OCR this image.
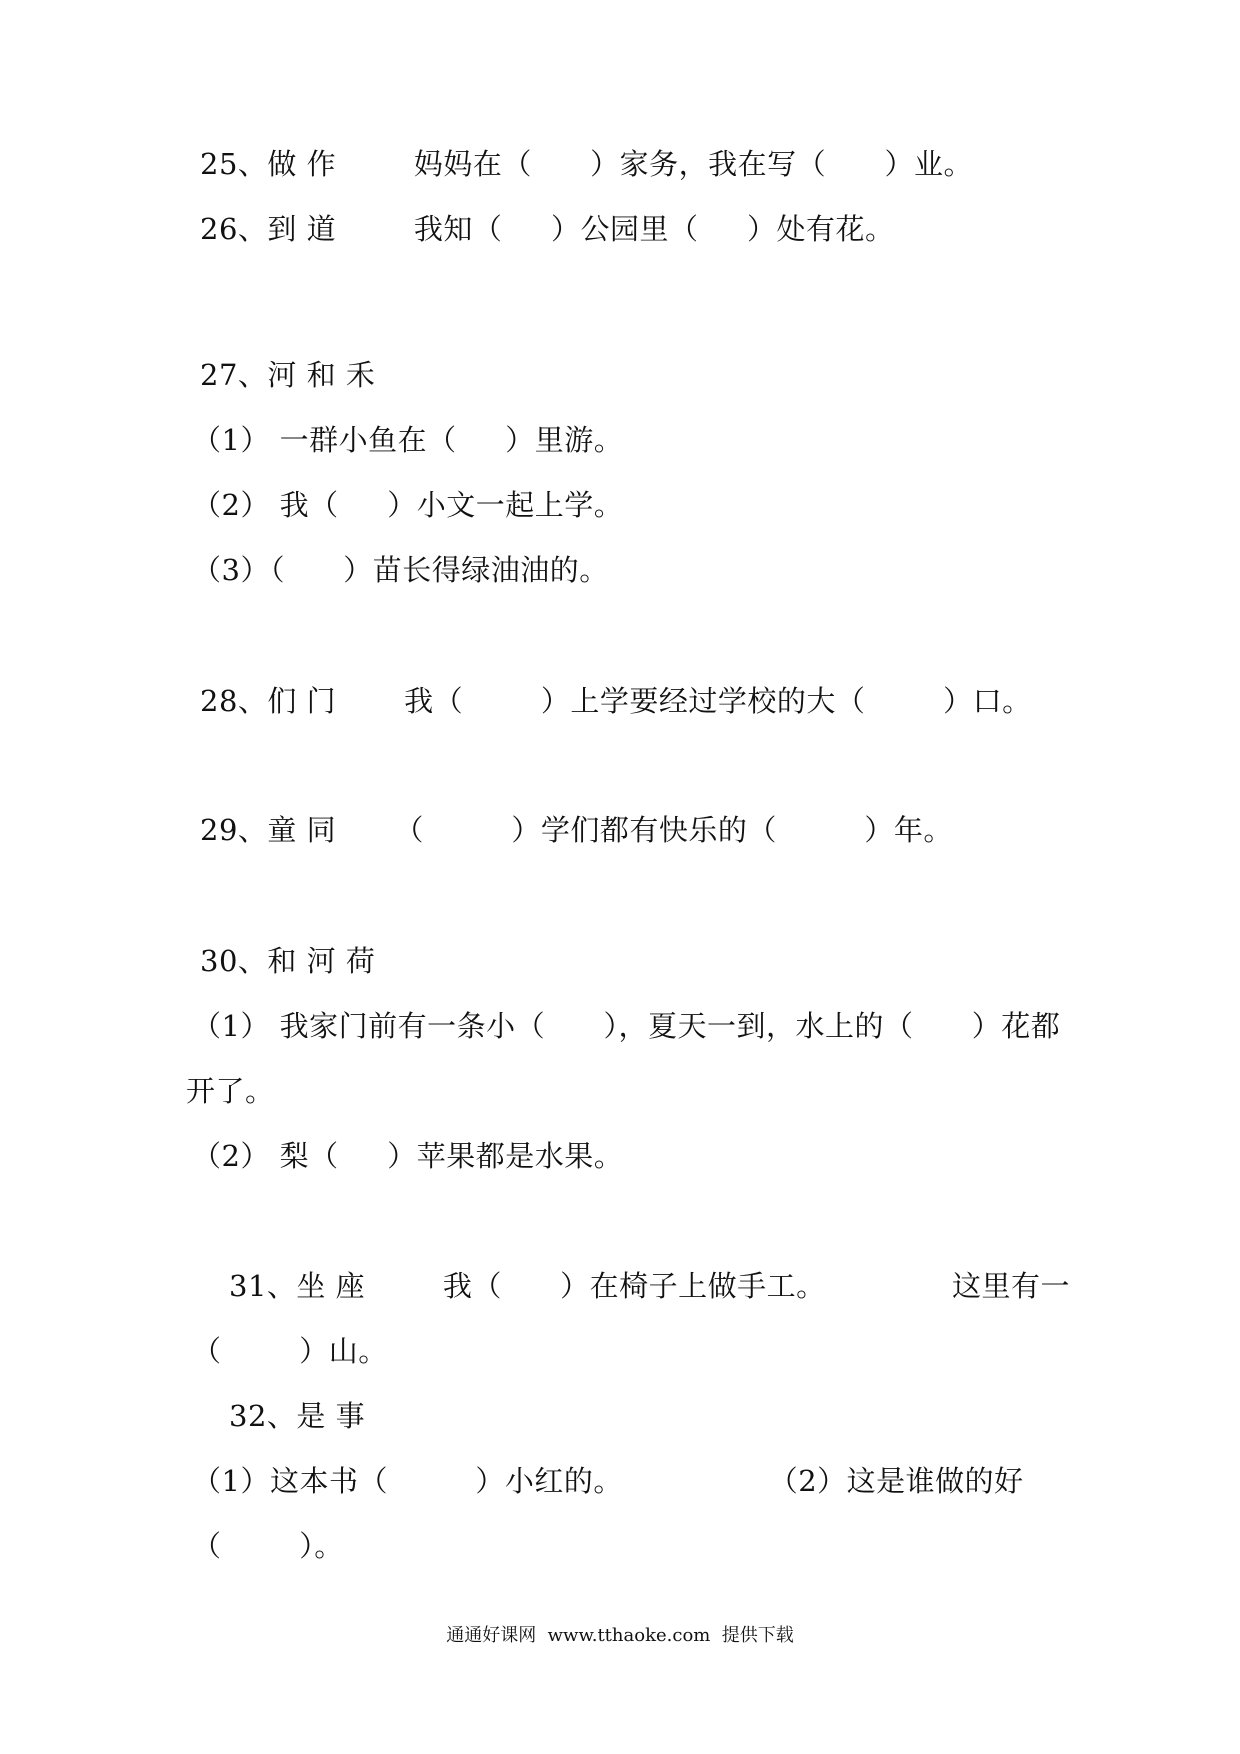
25、做 作        妈妈在（      ）家务，我在写（      ）业。
26、到 道        我知（     ）公园里（     ）处有花。
27、河 和 禾
（1） 一群小鱼在（     ）里游。
（2） 我（     ）小文一起上学。
（3）（      ）苗长得绿油油的。
28、们 门       我（        ）上学要经过学校的大（        ）口。
29、童 同      （         ）学们都有快乐的（         ）年。
30、和 河 荷
（1） 我家门前有一条小（      ），夏天一到，水上的（      ）花都
开了。
（2） 梨（     ）苹果都是水果。
31、坐 座        我（      ）在椅子上做手工。             这里有一
（        ）山。
32、是 事
（1）这本书（         ）小红的。               （2）这是谁做的好
（        ）。
通通好课网  www.tthaoke.com  提供下载
